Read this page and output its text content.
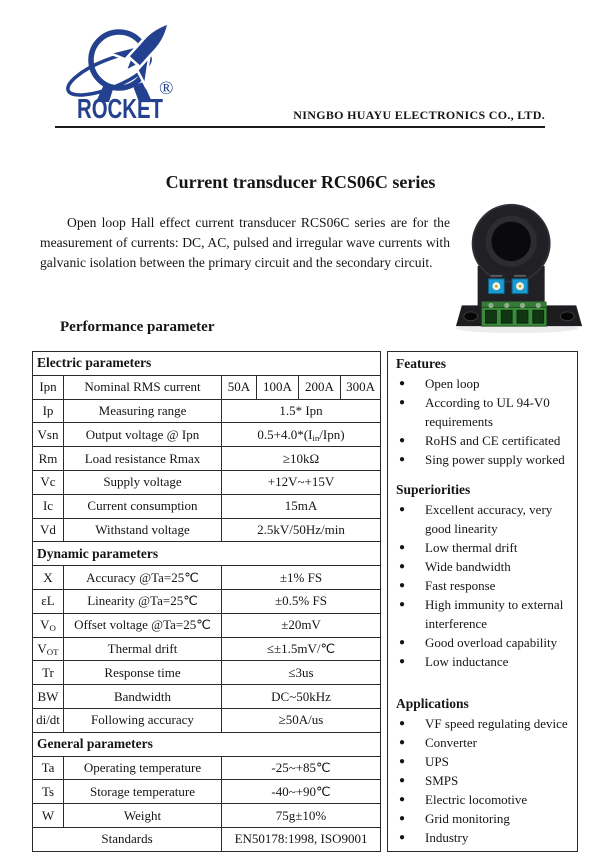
®
ROCKET	NINGBO HUAYU ELECTRONICS CO., LTD.
Current transducer RCS06C series
Open loop Hall effect current transducer RCS06C series are for the measurement of currents: DC, AC, pulsed and irregular wave currents with galvanic isolation between the primary circuit and the secondary circuit.
Performance parameter
Electric parameters					
Ipn	Nominal RMS current	50A	100A	200A	300A
Ip	Measuring range	1.5* Ipn			
Vsn	Output voltage @ Ipn	$0.5+4.0*(I_{in}/Ipn)$			
Rm	Load resistance Rmax	≥10kΩ			
Vc	Supply voltage	+12V~+15V			
Ic	Current consumption	15mA			
Vd	Withstand voltage	2.5kV/50Hz/min			
Dynamic parameters					
X	Accuracy @Ta=25℃	±1% FS			
εL	Linearity @Ta=25℃	±0.5% FS			
$V_O$	Offset voltage @Ta=25℃	±20mV			
$V_{OT}$	Thermal drift	≤±1.5mV/℃			
Tr	Response time	≤3us			
BW	Bandwidth	DC~50kHz			
di/dt	Following accuracy	≥50A/us			
General parameters					
Ta	Operating temperature	-25~+85℃			
Ts	Storage temperature	-40~+90℃			
W	Weight	75g±10%			
Standards		EN50178:1998, ISO9001			
Features
●	Open loop
●	According to UL 94-V0 requirements
●	RoHS and CE certificated
●	Sing power supply worked
Superiorities
●	Excellent accuracy, very good linearity
●	Low thermal drift
●	Wide bandwidth
●	Fast response
●	High immunity to external interference
●	Good overload capability
●	Low inductance
Applications
●	VF speed regulating device
●	Converter
●	UPS
●	SMPS
●	Electric locomotive
●	Grid monitoring
●	Industry
